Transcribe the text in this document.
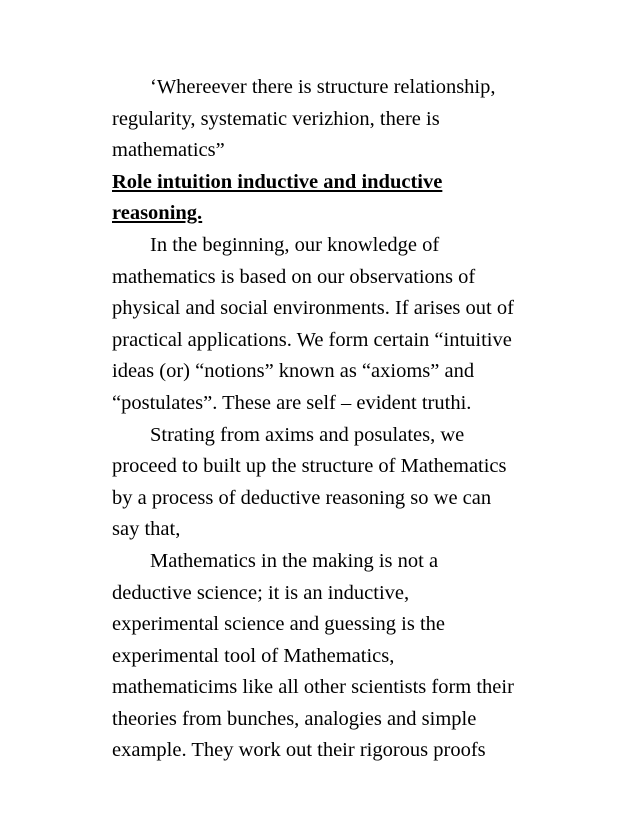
‘Whereever there is structure relationship,
regularity, systematic verizhion, there is
mathematics”
Role intuition inductive and inductive
reasoning.
In the beginning, our knowledge of
mathematics is based on our observations of
physical and social environments. If arises out of
practical applications. We form certain “intuitive
ideas (or) “notions” known as “axioms” and
“postulates”. These are self – evident truthi.
Strating from axims and posulates, we
proceed to built up the structure of Mathematics
by a process of deductive reasoning so we can
say that,
Mathematics in the making is not a
deductive science; it is an inductive,
experimental science and guessing is the
experimental tool of Mathematics,
mathematicims like all other scientists form their
theories from bunches, analogies and simple
example. They work out their rigorous proofs
